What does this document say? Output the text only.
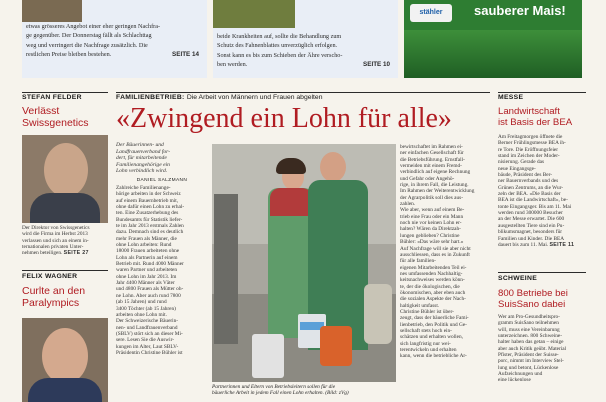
etwas grösseres Angebot einer eher geringen Nachfra-

ge gegenüber. Der Donnerstag fällt als Schlachttag

weg und verringert die Nachfrage zusätzlich. Die

restlichen Preise bleiben bestehen.	SEITE 14

beide Krankheiten auf, sollte die Behandlung zum

Schutz des Fahnenblattes unverzüglich erfolgen.

Sonst kann es bis zum Schieben der Ähre verscho-

ben werden.	SEITE 10

stähler	sauberer Mais!
STEFAN FELDER
Verlässt
Swissgenetics
Der Direktor von Swissgenetics
wird die Firma im Herbst 2013
verlassen und sich an einem in-
ternationalen privaten Unter-
nehmen beteiligen. SEITE 27
FELIX WAGNER
Curlte an den
Paralympics
FAMILIENBETRIEB: Die Arbeit von Männern und Frauen abgelten
«Zwingend ein Lohn für alle»
Der Bäuerinnen- und
Landfrauenverband for-
dert, für mitarbeitende
Familienangehörige ein
Lohn verbindlich wird.
DANIEL SALZMANN
Zahlreiche Familienange-
hörige arbeiten in der Schweiz
auf einem Bauernbetrieb mit,
ohne dafür einen Lohn zu erhal-
ten. Eine Zusatzerhebung des
Bundesamts für Statistik liefer-
te im Jahr 2013 erstmals Zahlen
dazu. Demnach sind es deutlich
mehr Frauen als Männer, die
ohne Lohn arbeiten: Rund
18000 Frauen arbeiteten ohne
Lohn als Partnerin auf einem
Betrieb mit. Rund 4000 Männer
waren Partner und arbeiteten
ohne Lohn im Jahr 2013. Im
Jahr 4400 Männer als Väter
und 4800 Frauen als Mütter oh-
ne Lohn. Aber auch rund 7800
(ab 15 Jahren) und rund
3400 Töchter (ab 15 Jahren)
arbeiten ohne Lohn mit.
Der Schweizerische Bäuerin-
nen- und Landfrauenverband
(SBLV) stört sich an dieser Mi-
sere. Lesen Sie die Auswir-
kungen im Alter, Laut SBLV-
Präsidentin Christine Bühler ist
Partnerinnen und Eltern von Betriebsleitern sollen für die
bäuerliche Arbeit in jedem Fall einen Lohn erhalten. (Bild: zVg)
bewirtschaftet im Rahmen ei-
ner einfachen Gesellschaft für
die Betriebsführung. Ernstfall-
vermeiden mit einem Fremd-
verbindlich auf eigene Rechnung
und Gefahr oder Angehö-
rige, in ihrem Fall, die Leistung.
Im Rahmen der Weiterentwicklung
der Agrarpolitik soll dies aus-
zahlen.
Wie aber, wenn auf einem Be-
trieb eine Frau oder ein Mann
noch nie vor keinen Lohn er-
halten? Wären da Direktzah-
lungen geblieben? Christine
Bühler: «Das wäre sehr hart.»
Auf Nachfrage will sie aber nicht
ausschliessen, dass es in Zukunft
für alle familien-
eigenen Mitarbeitenden Teil ei-
nes umfassenden Nachhaltig-
keitsnachweises werden könn-
te, der die ökologischen, die
ökonomischen, aber eben auch
die sozialen Aspekte der Nach-
haltigkeit umfasst.
Christine Bühler ist über-
zeugt, dass der bäuerliche Fami-
lienbetrieb, den Politik und Ge-
sellschaft stets hoch ein-
schätzen und erhalten wollen,
sich langfristig nur wei-
terentwickeln und erhalten
kann, wenn die betriebliche Ar-
MESSE
Landwirtschaft
ist Basis der BEA
Am Freitagmorgen öffnete die
Berner Frühlingsmesse BEA ih-
re Tore. Die Eröffnungsfeier
stand im Zeichen der Moder-
nisierung. Gerade das
neue Eingangsge-
bäude, Präsident des Ber-
ner Bauernverbands und des
Grünen Zentrums, an die Wur-
zeln der BEA. «Die Basis der
BEA ist die Landwirtschaft», be-
tonte Eingangsger. Bis am 11. Mai
werden rund 300000 Besucher
an der Messe erwartet. Die 600
ausgestellten Tiere sind ein Pu-
blikumsmagnet, besonders für
Familien und Kinder. Die BEA
dauert bis zum 11. Mai. SEITE 11
SCHWEINE
800 Betriebe bei SuisSano dabei
Wer am Pro-Gesundheitspro-
gramm SuisSano teilnehmen
will, muss eine Vereinbarung
unterzeichnen. 800 Schweine-
halter haben das getan – einige
aber auch Kritik geübt. Material
Pfister, Präsident der Suisse-
porc, nimmt im Interview Stel-
lung und betont, Lückenlose
Aufzeichnungen und
eine lückenlose
